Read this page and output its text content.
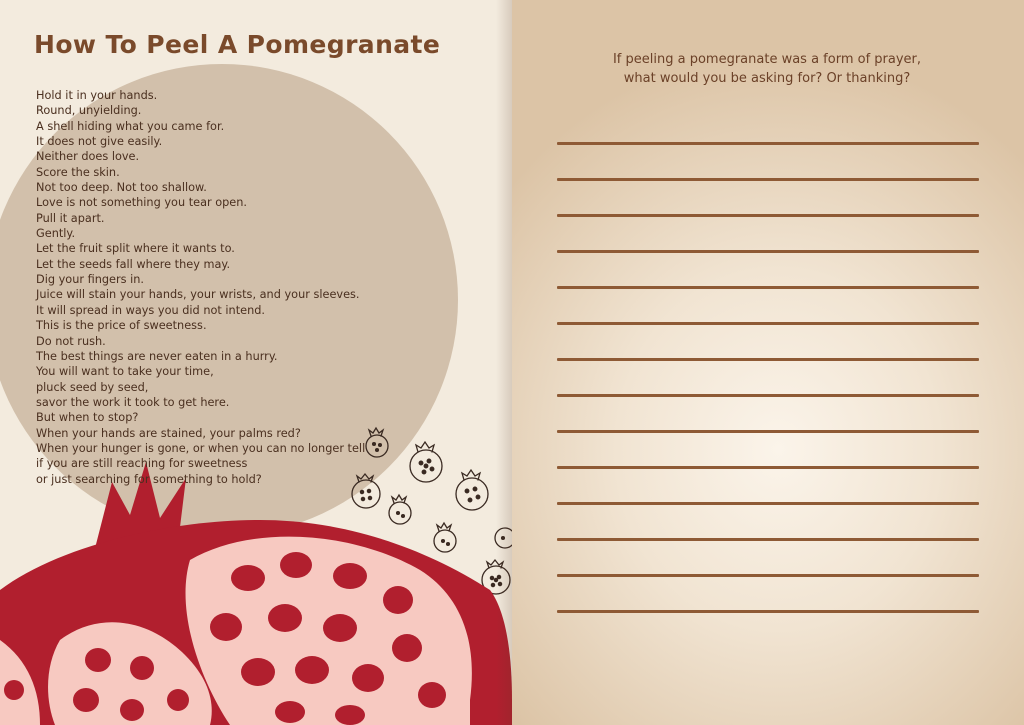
How To Peel A Pomegranate
Hold it in your hands.
Round, unyielding.
A shell hiding what you came for.
It does not give easily.
Neither does love.
Score the skin.
Not too deep. Not too shallow.
Love is not something you tear open.
Pull it apart.
Gently.
Let the fruit split where it wants to.
Let the seeds fall where they may.
Dig your fingers in.
Juice will stain your hands, your wrists, and your sleeves.
It will spread in ways you did not intend.
This is the price of sweetness.
Do not rush.
The best things are never eaten in a hurry.
You will want to take your time,
pluck seed by seed,
savor the work it took to get here.
But when to stop?
When your hands are stained, your palms red?
When your hunger is gone, or when you can no longer tell
if you are still reaching for sweetness
or just searching for something to hold?
If peeling a pomegranate was a form of prayer,
what would you be asking for? Or thanking?
